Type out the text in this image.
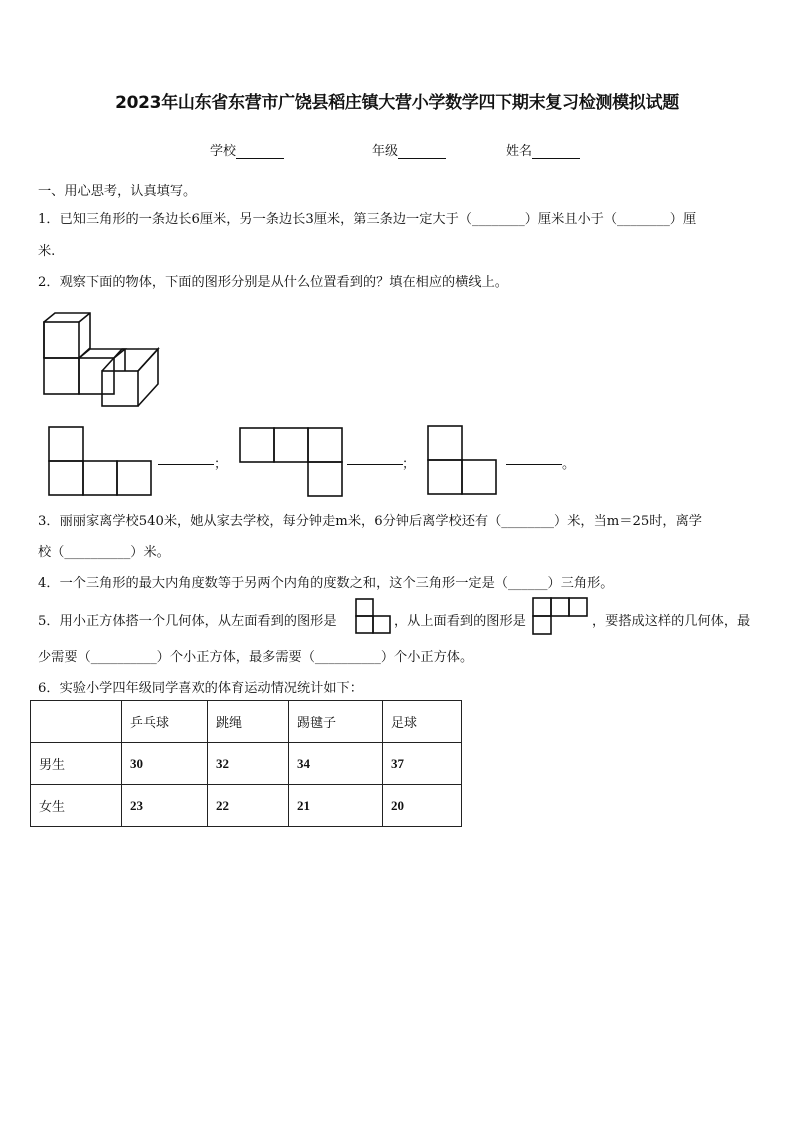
2023年山东省东营市广饶县稻庄镇大营小学数学四下期末复习检测模拟试题
学校	年级	姓名
一、用心思考，认真填写。
1．已知三角形的一条边长6厘米，另一条边长3厘米，第三条边一定大于（________）厘米且小于（________）厘
米.
2．观察下面的物体，下面的图形分别是从什么位置看到的？填在相应的横线上。
；	；	。
3．丽丽家离学校540米，她从家去学校，每分钟走m米，6分钟后离学校还有（________）米，当m＝25时，离学
校（__________）米。
4．一个三角形的最大内角度数等于另两个内角的度数之和，这个三角形一定是（______）三角形。
5．用小正方体搭一个几何体，从左面看到的图形是	，从上面看到的图形是	，要搭成这样的几何体，最
少需要（__________）个小正方体，最多需要（__________）个小正方体。
6．实验小学四年级同学喜欢的体育运动情况统计如下：
	乒乓球	跳绳	踢毽子	足球
男生	30	32	34	37
女生	23	22	21	20
